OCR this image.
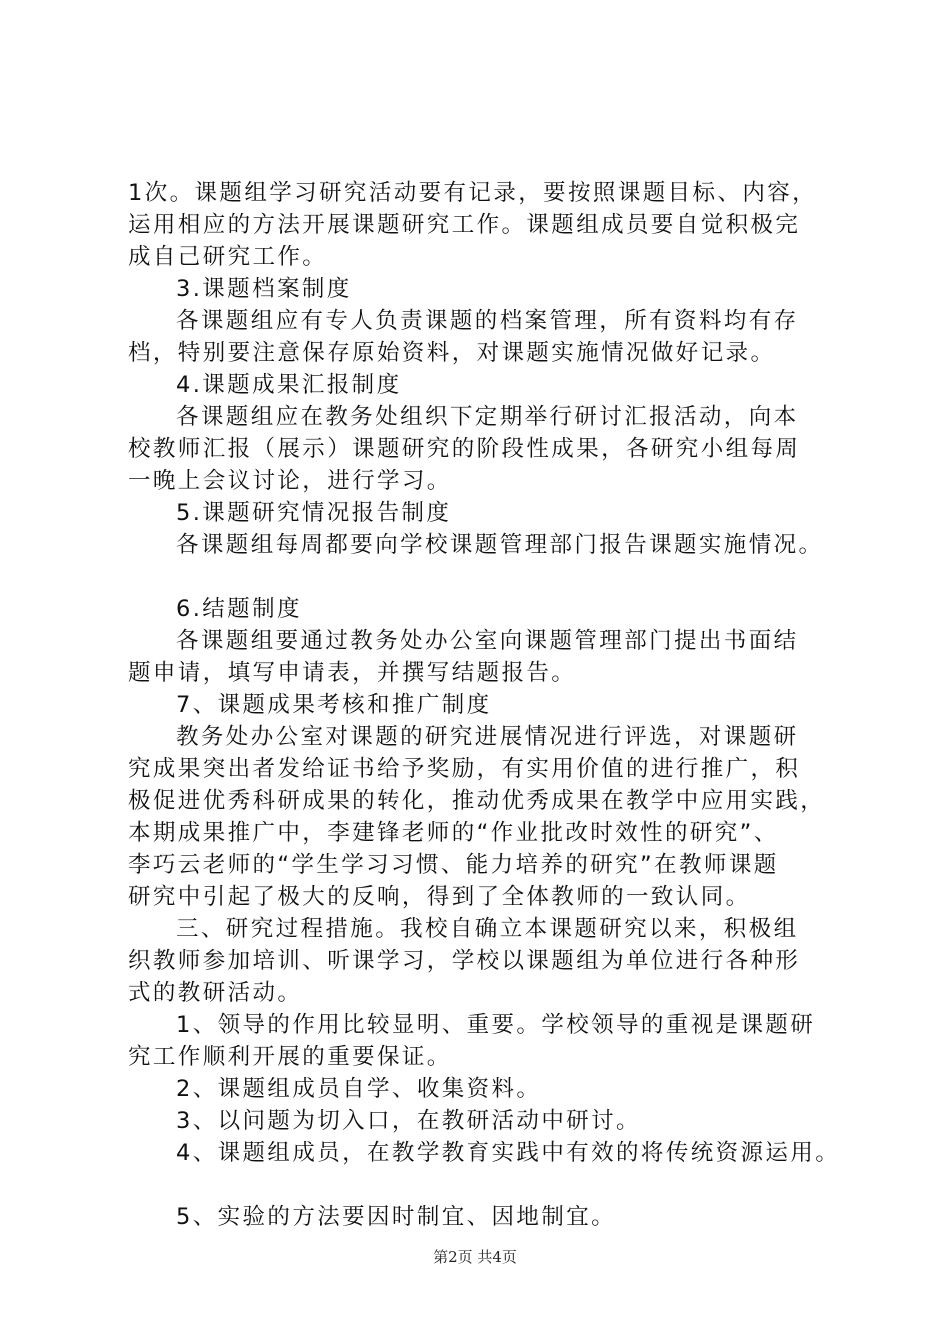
1次。课题组学习研究活动要有记录，要按照课题目标、内容，
运用相应的方法开展课题研究工作。课题组成员要自觉积极完
成自己研究工作。
3.课题档案制度
各课题组应有专人负责课题的档案管理，所有资料均有存
档，特别要注意保存原始资料，对课题实施情况做好记录。
4.课题成果汇报制度
各课题组应在教务处组织下定期举行研讨汇报活动，向本
校教师汇报（展示）课题研究的阶段性成果，各研究小组每周
一晚上会议讨论，进行学习。
5.课题研究情况报告制度
各课题组每周都要向学校课题管理部门报告课题实施情况。
6.结题制度
各课题组要通过教务处办公室向课题管理部门提出书面结
题申请，填写申请表，并撰写结题报告。
7、课题成果考核和推广制度
教务处办公室对课题的研究进展情况进行评选，对课题研
究成果突出者发给证书给予奖励，有实用价值的进行推广，积
极促进优秀科研成果的转化，推动优秀成果在教学中应用实践，
本期成果推广中，李建锋老师的“作业批改时效性的研究”、
李巧云老师的“学生学习习惯、能力培养的研究”在教师课题
研究中引起了极大的反响，得到了全体教师的一致认同。
三、研究过程措施。我校自确立本课题研究以来，积极组
织教师参加培训、听课学习，学校以课题组为单位进行各种形
式的教研活动。
1、领导的作用比较显明、重要。学校领导的重视是课题研
究工作顺利开展的重要保证。
2、课题组成员自学、收集资料。
3、以问题为切入口，在教研活动中研讨。
4、课题组成员，在教学教育实践中有效的将传统资源运用。
5、实验的方法要因时制宜、因地制宜。
第2页 共4页
